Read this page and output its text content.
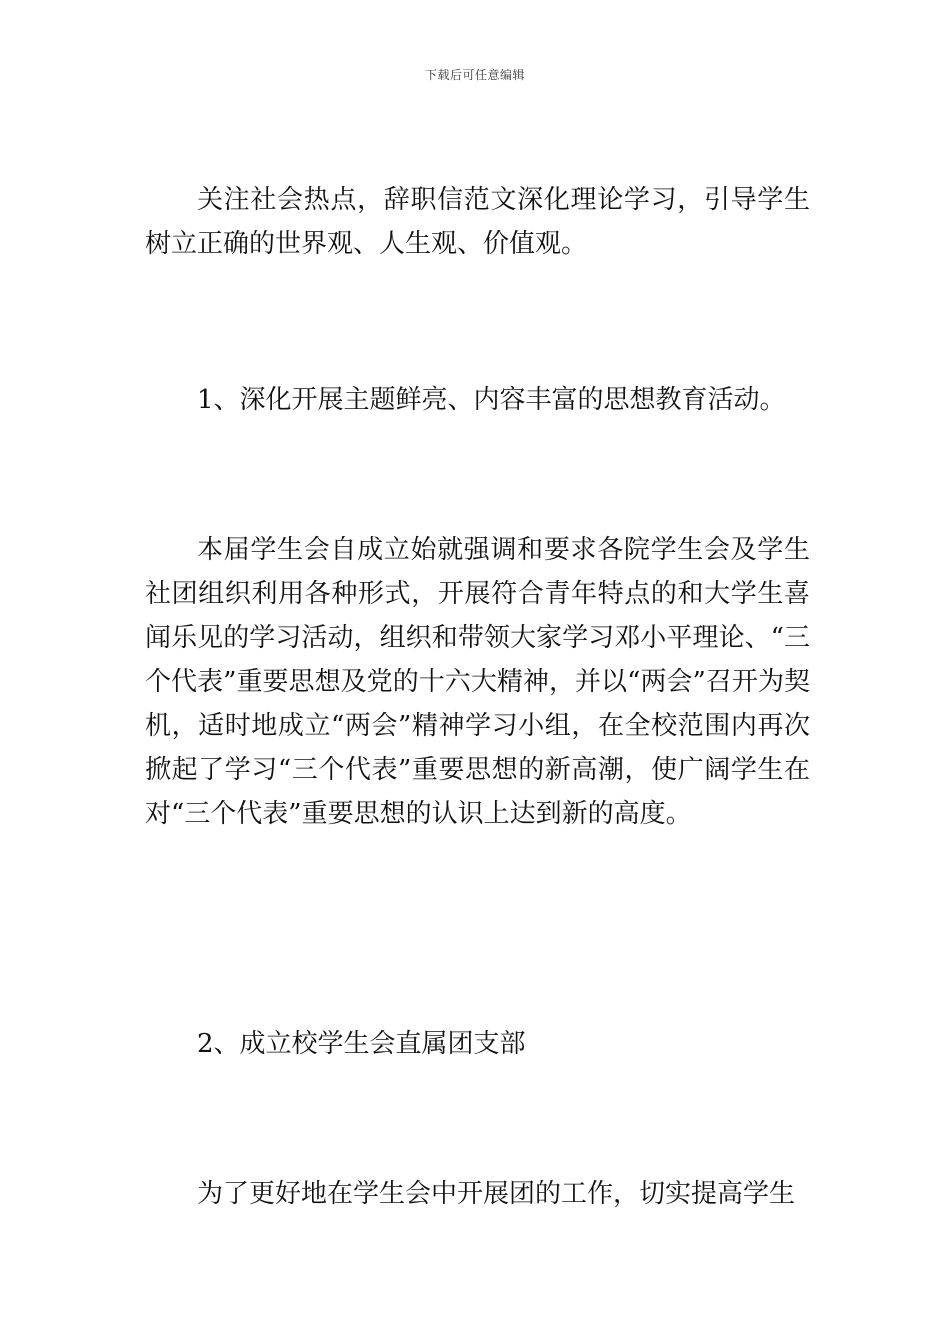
下载后可任意编辑

关注社会热点，辞职信范文深化理论学习，引导学生树立正确的世界观、人生观、价值观。

1、深化开展主题鲜亮、内容丰富的思想教育活动。

本届学生会自成立始就强调和要求各院学生会及学生社团组织利用各种形式，开展符合青年特点的和大学生喜闻乐见的学习活动，组织和带领大家学习邓小平理论、“三个代表”重要思想及党的十六大精神，并以“两会”召开为契机，适时地成立“两会”精神学习小组，在全校范围内再次掀起了学习“三个代表”重要思想的新高潮，使广阔学生在对“三个代表”重要思想的认识上达到新的高度。

2、成立校学生会直属团支部

为了更好地在学生会中开展团的工作，切实提高学生
